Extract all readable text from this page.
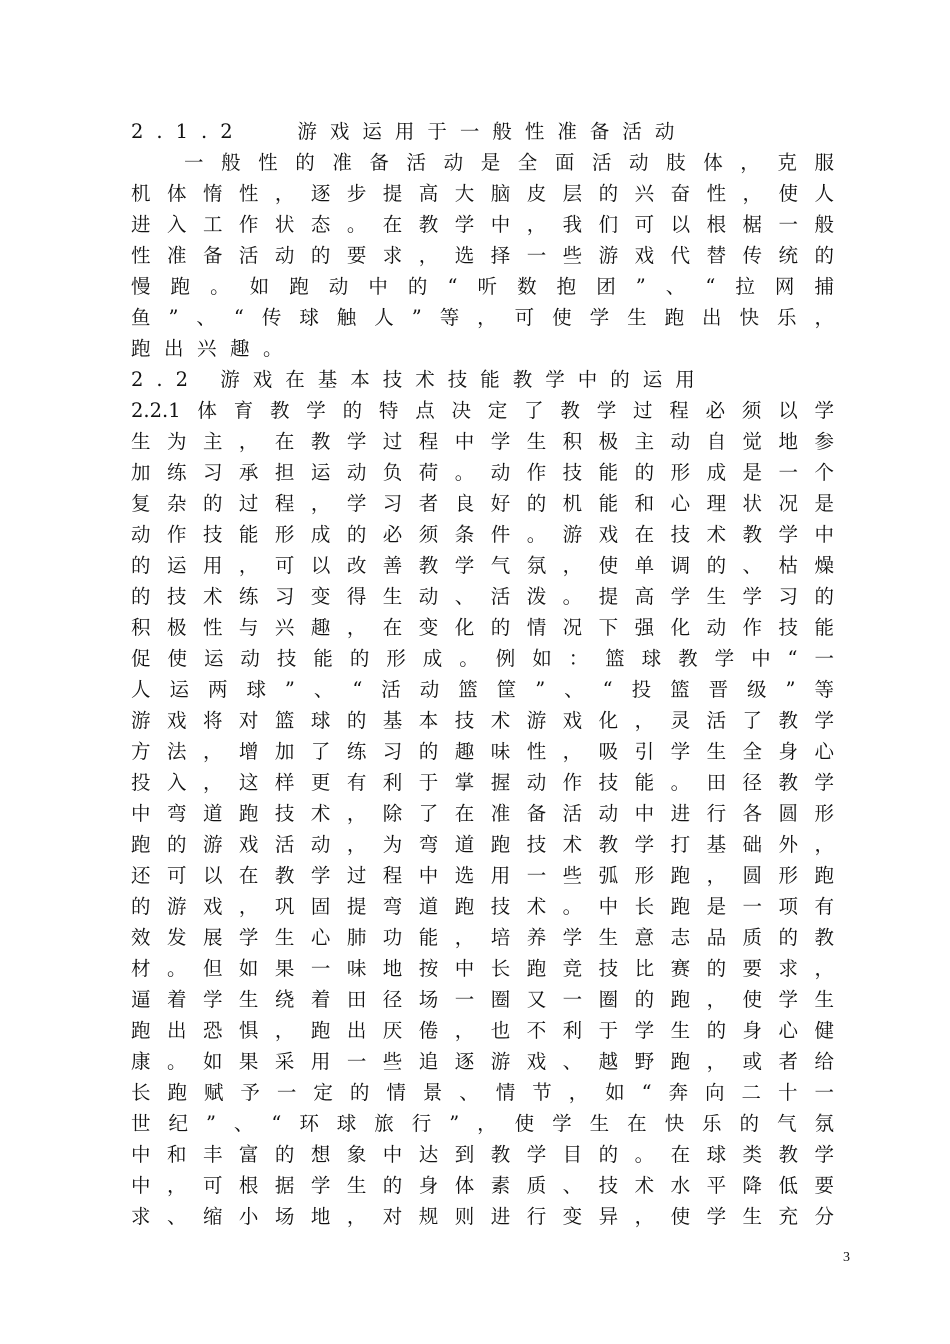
2.1.2　 游戏运用于一般性准备活动
一般性的准备活动是全面活动肢体，克服
机体惰性，逐步提高大脑皮层的兴奋性，使人
进入工作状态。在教学中，我们可以根椐一般
性准备活动的要求，选择一些游戏代替传统的
慢跑。如跑动中的“听数抱团”、“拉网捕
鱼”、“传球触人”等，可使学生跑出快乐，
跑出兴趣。
2.2 游戏在基本技术技能教学中的运用
2.2.1体育教学的特点决定了教学过程必须以学
生为主，在教学过程中学生积极主动自觉地参
加练习承担运动负荷。动作技能的形成是一个
复杂的过程，学习者良好的机能和心理状况是
动作技能形成的必须条件。游戏在技术教学中
的运用，可以改善教学气氛，使单调的、枯燥
的技术练习变得生动、活泼。提高学生学习的
积极性与兴趣，在变化的情况下强化动作技能
促使运动技能的形成。例如：篮球教学中“一
人运两球”、“活动篮筐”、“投篮晋级”等
游戏将对篮球的基本技术游戏化，灵活了教学
方法，增加了练习的趣味性，吸引学生全身心
投入，这样更有利于掌握动作技能。田径教学
中弯道跑技术，除了在准备活动中进行各圆形
跑的游戏活动，为弯道跑技术教学打基础外，
还可以在教学过程中选用一些弧形跑，圆形跑
的游戏，巩固提弯道跑技术。中长跑是一项有
效发展学生心肺功能，培养学生意志品质的教
材。但如果一味地按中长跑竞技比赛的要求，
逼着学生绕着田径场一圈又一圈的跑，使学生
跑出恐惧，跑出厌倦，也不利于学生的身心健
康。如果采用一些追逐游戏、越野跑，或者给
长跑赋予一定的情景、情节，如“奔向二十一
世纪”、“环球旅行”，使学生在快乐的气氛
中和丰富的想象中达到教学目的。在球类教学
中，可根据学生的身体素质、技术水平降低要
求、缩小场地，对规则进行变异，使学生充分
3
